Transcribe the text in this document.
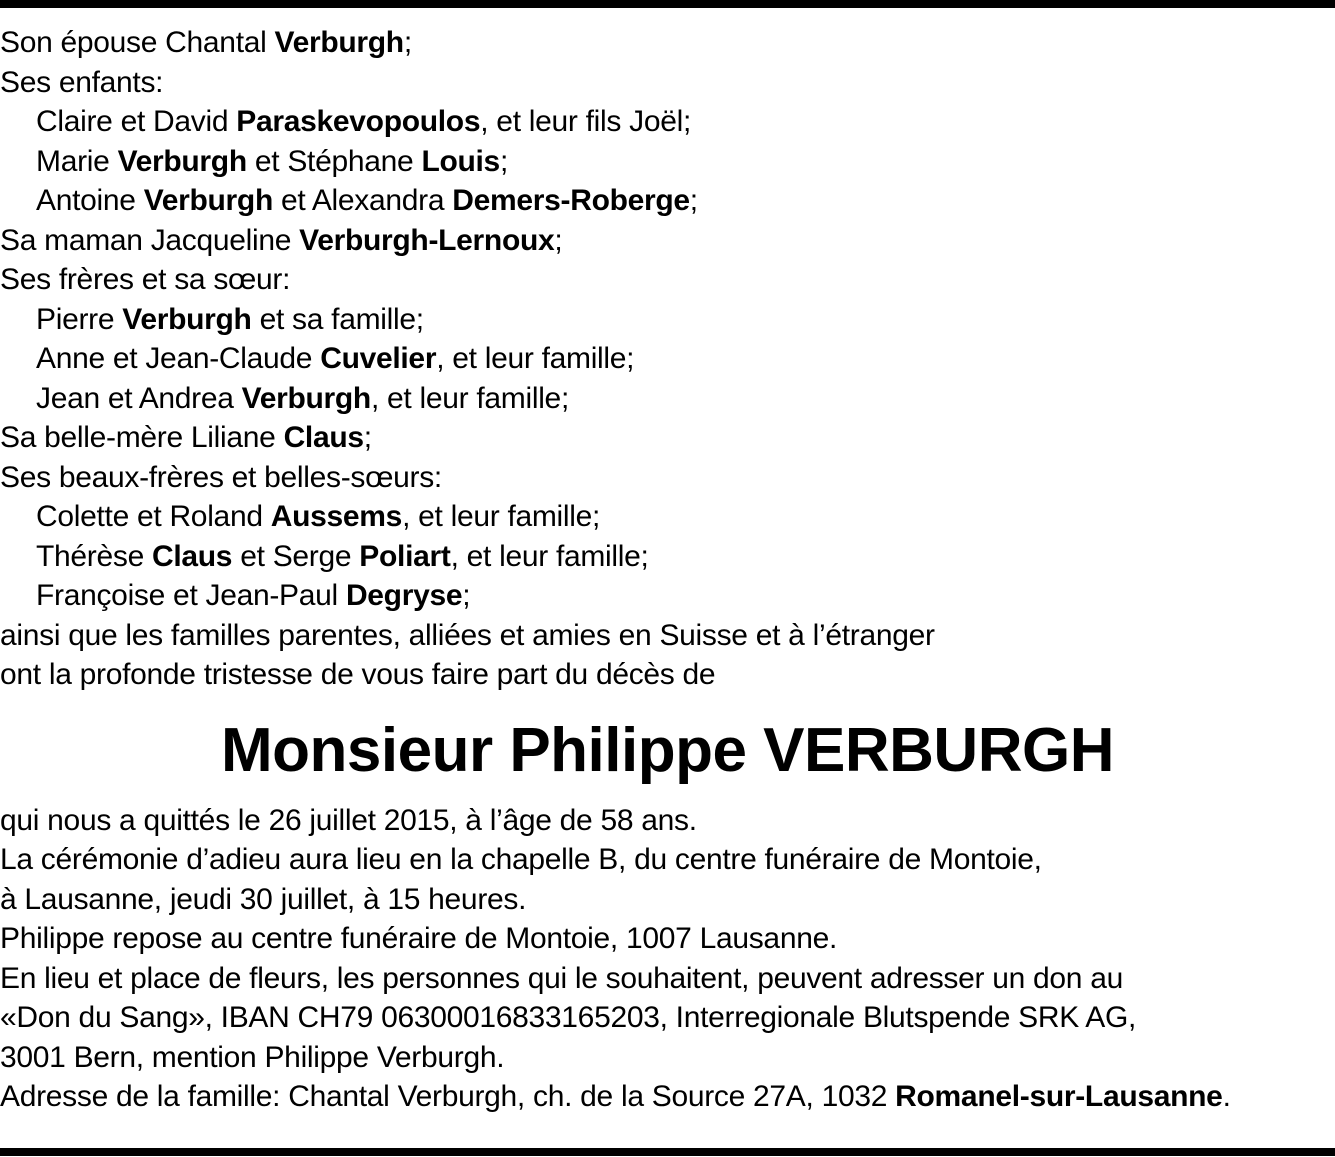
Son épouse Chantal Verburgh;
Ses enfants:
Claire et David Paraskevopoulos, et leur fils Joël;
Marie Verburgh et Stéphane Louis;
Antoine Verburgh et Alexandra Demers-Roberge;
Sa maman Jacqueline Verburgh-Lernoux;
Ses frères et sa sœur:
Pierre Verburgh et sa famille;
Anne et Jean-Claude Cuvelier, et leur famille;
Jean et Andrea Verburgh, et leur famille;
Sa belle-mère Liliane Claus;
Ses beaux-frères et belles-sœurs:
Colette et Roland Aussems, et leur famille;
Thérèse Claus et Serge Poliart, et leur famille;
Françoise et Jean-Paul Degryse;
ainsi que les familles parentes, alliées et amies en Suisse et à l’étranger
ont la profonde tristesse de vous faire part du décès de
Monsieur Philippe VERBURGH
qui nous a quittés le 26 juillet 2015, à l’âge de 58 ans.
La cérémonie d’adieu aura lieu en la chapelle B, du centre funéraire de Montoie,
à Lausanne, jeudi 30 juillet, à 15 heures.
Philippe repose au centre funéraire de Montoie, 1007 Lausanne.
En lieu et place de fleurs, les personnes qui le souhaitent, peuvent adresser un don au
«Don du Sang», IBAN CH79 06300016833165203, Interregionale Blutspende SRK AG,
3001 Bern, mention Philippe Verburgh.
Adresse de la famille: Chantal Verburgh, ch. de la Source 27A, 1032 Romanel-sur-Lausanne.
